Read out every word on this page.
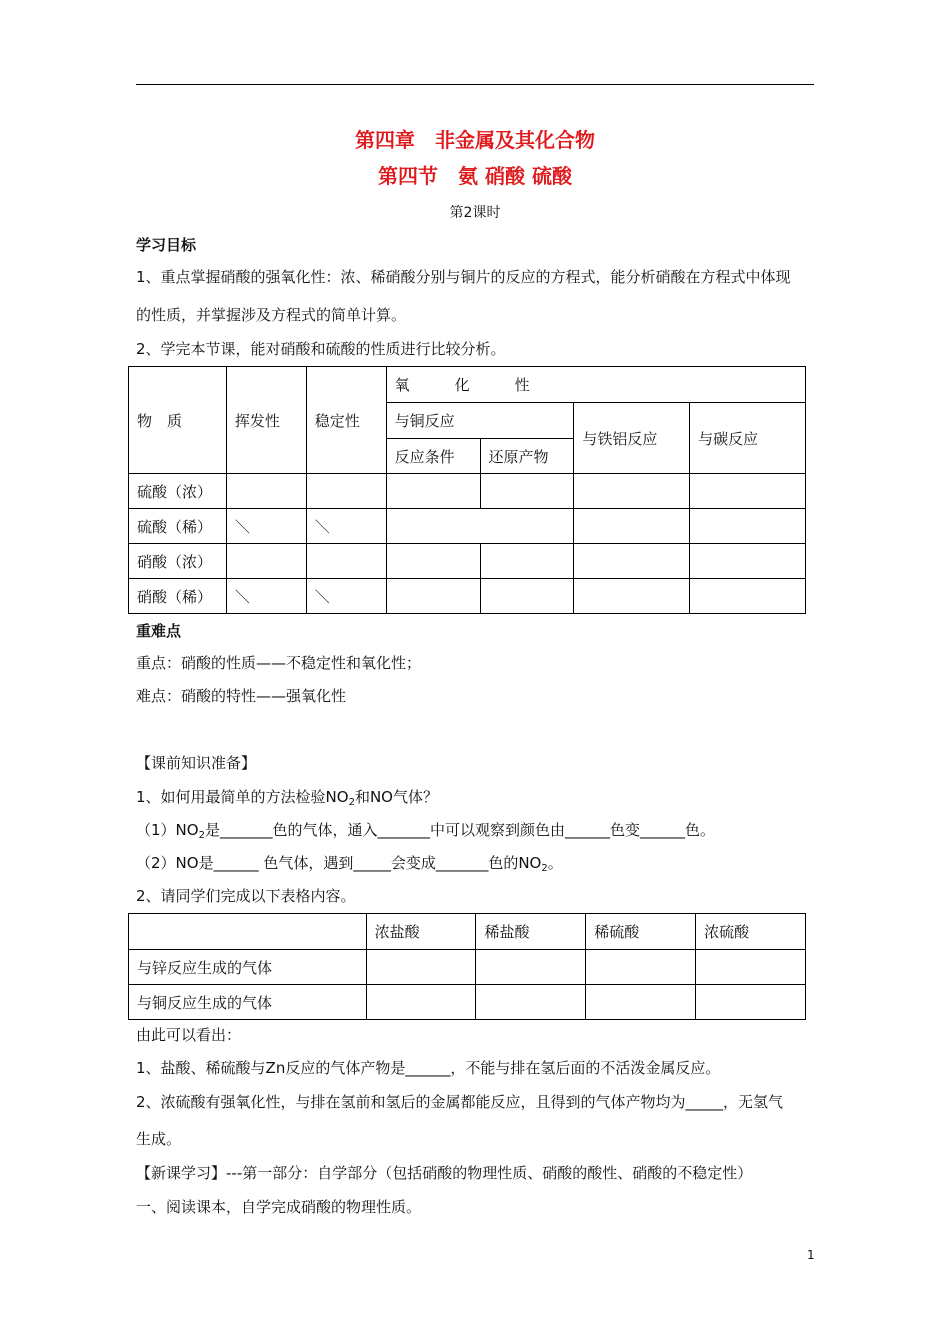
第四章　非金属及其化合物
第四节　氨 硝酸 硫酸
第2课时
学习目标
1、重点掌握硝酸的强氧化性：浓、稀硝酸分别与铜片的反应的方程式，能分析硝酸在方程式中体现
的性质，并掌握涉及方程式的简单计算。
2、学完本节课，能对硝酸和硫酸的性质进行比较分析。
物　质	挥发性	稳定性	氧　　　化　　　性			
			与铜反应		与铁铝反应	与碳反应
			反应条件	还原产物		
硫酸（浓）						
硫酸（稀）	＼	＼				
硝酸（浓）						
硝酸（稀）	＼	＼				
重难点
重点：硝酸的性质——不稳定性和氧化性；
难点：硝酸的特性——强氧化性
【课前知识准备】
1、如何用最简单的方法检验$NO_2$和NO气体？
$(1)NO_2$是_______色的气体，通入_______中可以观察到颜色由______色变______色。
（2）NO是______ 色气体，遇到_____会变成_______色的$NO_2$。
2、请同学们完成以下表格内容。
	浓盐酸	稀盐酸	稀硫酸	浓硫酸
与锌反应生成的气体				
与铜反应生成的气体				
由此可以看出：
1、盐酸、稀硫酸与Zn反应的气体产物是______，不能与排在氢后面的不活泼金属反应。
2、浓硫酸有强氧化性，与排在氢前和氢后的金属都能反应，且得到的气体产物均为_____，无氢气
生成。
【新课学习】---第一部分：自学部分（包括硝酸的物理性质、硝酸的酸性、硝酸的不稳定性）
一、阅读课本，自学完成硝酸的物理性质。
1
